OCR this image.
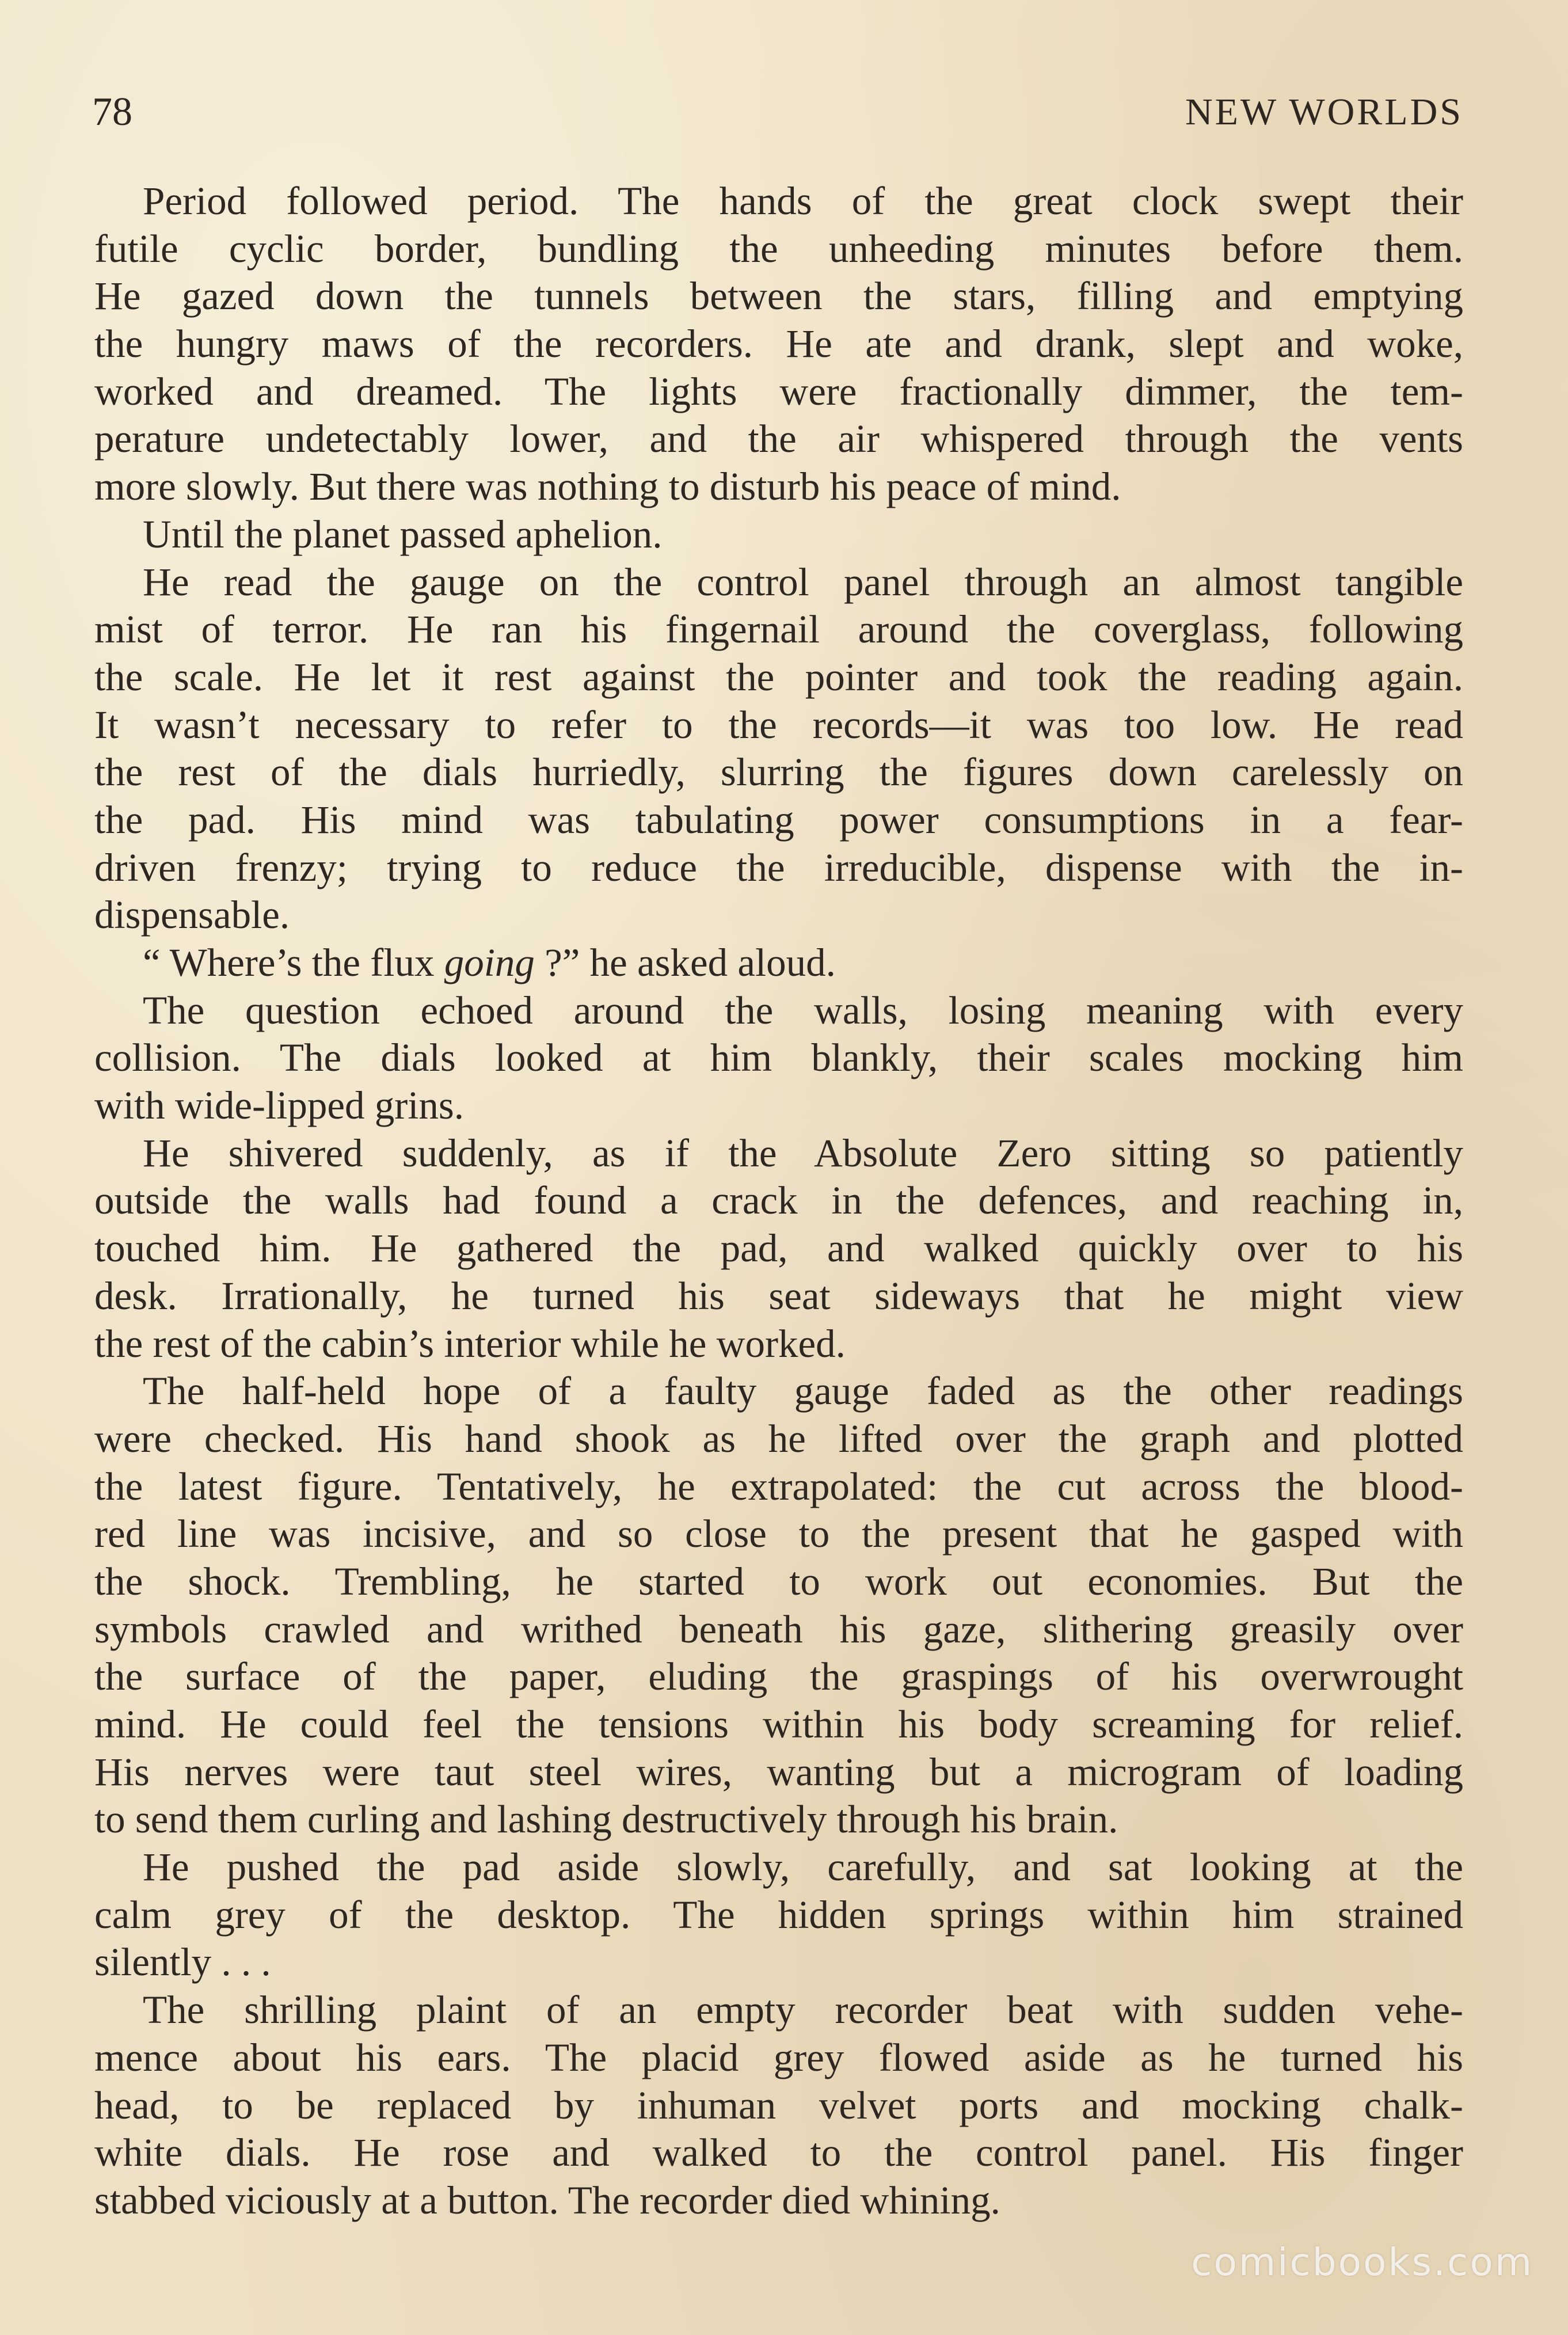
78	NEW WORLDS
Period followed period. The hands of the great clock swept their
futile cyclic border, bundling the unheeding minutes before them.
He gazed down the tunnels between the stars, filling and emptying
the hungry maws of the recorders. He ate and drank, slept and woke,
worked and dreamed. The lights were fractionally dimmer, the tem-
perature undetectably lower, and the air whispered through the vents
more slowly. But there was nothing to disturb his peace of mind.
Until the planet passed aphelion.
He read the gauge on the control panel through an almost tangible
mist of terror. He ran his fingernail around the coverglass, following
the scale. He let it rest against the pointer and took the reading again.
It wasn’t necessary to refer to the records—it was too low. He read
the rest of the dials hurriedly, slurring the figures down carelessly on
the pad. His mind was tabulating power consumptions in a fear-
driven frenzy; trying to reduce the irreducible, dispense with the in-
dispensable.
“ Where’s the flux going ?” he asked aloud.
The question echoed around the walls, losing meaning with every
collision. The dials looked at him blankly, their scales mocking him
with wide-lipped grins.
He shivered suddenly, as if the Absolute Zero sitting so patiently
outside the walls had found a crack in the defences, and reaching in,
touched him. He gathered the pad, and walked quickly over to his
desk. Irrationally, he turned his seat sideways that he might view
the rest of the cabin’s interior while he worked.
The half-held hope of a faulty gauge faded as the other readings
were checked. His hand shook as he lifted over the graph and plotted
the latest figure. Tentatively, he extrapolated: the cut across the blood-
red line was incisive, and so close to the present that he gasped with
the shock. Trembling, he started to work out economies. But the
symbols crawled and writhed beneath his gaze, slithering greasily over
the surface of the paper, eluding the graspings of his overwrought
mind. He could feel the tensions within his body screaming for relief.
His nerves were taut steel wires, wanting but a microgram of loading
to send them curling and lashing destructively through his brain.
He pushed the pad aside slowly, carefully, and sat looking at the
calm grey of the desktop. The hidden springs within him strained
silently . . .
The shrilling plaint of an empty recorder beat with sudden vehe-
mence about his ears. The placid grey flowed aside as he turned his
head, to be replaced by inhuman velvet ports and mocking chalk-
white dials. He rose and walked to the control panel. His finger
stabbed viciously at a button. The recorder died whining.
comicbooks.com
